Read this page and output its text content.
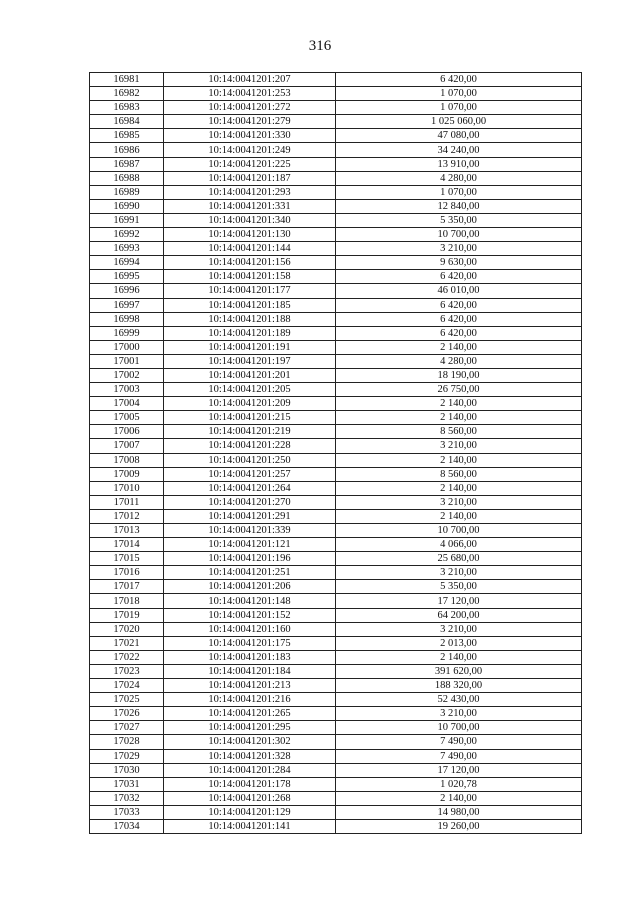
316
16981	10:14:0041201:207	6 420,00
16982	10:14:0041201:253	1 070,00
16983	10:14:0041201:272	1 070,00
16984	10:14:0041201:279	1 025 060,00
16985	10:14:0041201:330	47 080,00
16986	10:14:0041201:249	34 240,00
16987	10:14:0041201:225	13 910,00
16988	10:14:0041201:187	4 280,00
16989	10:14:0041201:293	1 070,00
16990	10:14:0041201:331	12 840,00
16991	10:14:0041201:340	5 350,00
16992	10:14:0041201:130	10 700,00
16993	10:14:0041201:144	3 210,00
16994	10:14:0041201:156	9 630,00
16995	10:14:0041201:158	6 420,00
16996	10:14:0041201:177	46 010,00
16997	10:14:0041201:185	6 420,00
16998	10:14:0041201:188	6 420,00
16999	10:14:0041201:189	6 420,00
17000	10:14:0041201:191	2 140,00
17001	10:14:0041201:197	4 280,00
17002	10:14:0041201:201	18 190,00
17003	10:14:0041201:205	26 750,00
17004	10:14:0041201:209	2 140,00
17005	10:14:0041201:215	2 140,00
17006	10:14:0041201:219	8 560,00
17007	10:14:0041201:228	3 210,00
17008	10:14:0041201:250	2 140,00
17009	10:14:0041201:257	8 560,00
17010	10:14:0041201:264	2 140,00
17011	10:14:0041201:270	3 210,00
17012	10:14:0041201:291	2 140,00
17013	10:14:0041201:339	10 700,00
17014	10:14:0041201:121	4 066,00
17015	10:14:0041201:196	25 680,00
17016	10:14:0041201:251	3 210,00
17017	10:14:0041201:206	5 350,00
17018	10:14:0041201:148	17 120,00
17019	10:14:0041201:152	64 200,00
17020	10:14:0041201:160	3 210,00
17021	10:14:0041201:175	2 013,00
17022	10:14:0041201:183	2 140,00
17023	10:14:0041201:184	391 620,00
17024	10:14:0041201:213	188 320,00
17025	10:14:0041201:216	52 430,00
17026	10:14:0041201:265	3 210,00
17027	10:14:0041201:295	10 700,00
17028	10:14:0041201:302	7 490,00
17029	10:14:0041201:328	7 490,00
17030	10:14:0041201:284	17 120,00
17031	10:14:0041201:178	1 020,78
17032	10:14:0041201:268	2 140,00
17033	10:14:0041201:129	14 980,00
17034	10:14:0041201:141	19 260,00
